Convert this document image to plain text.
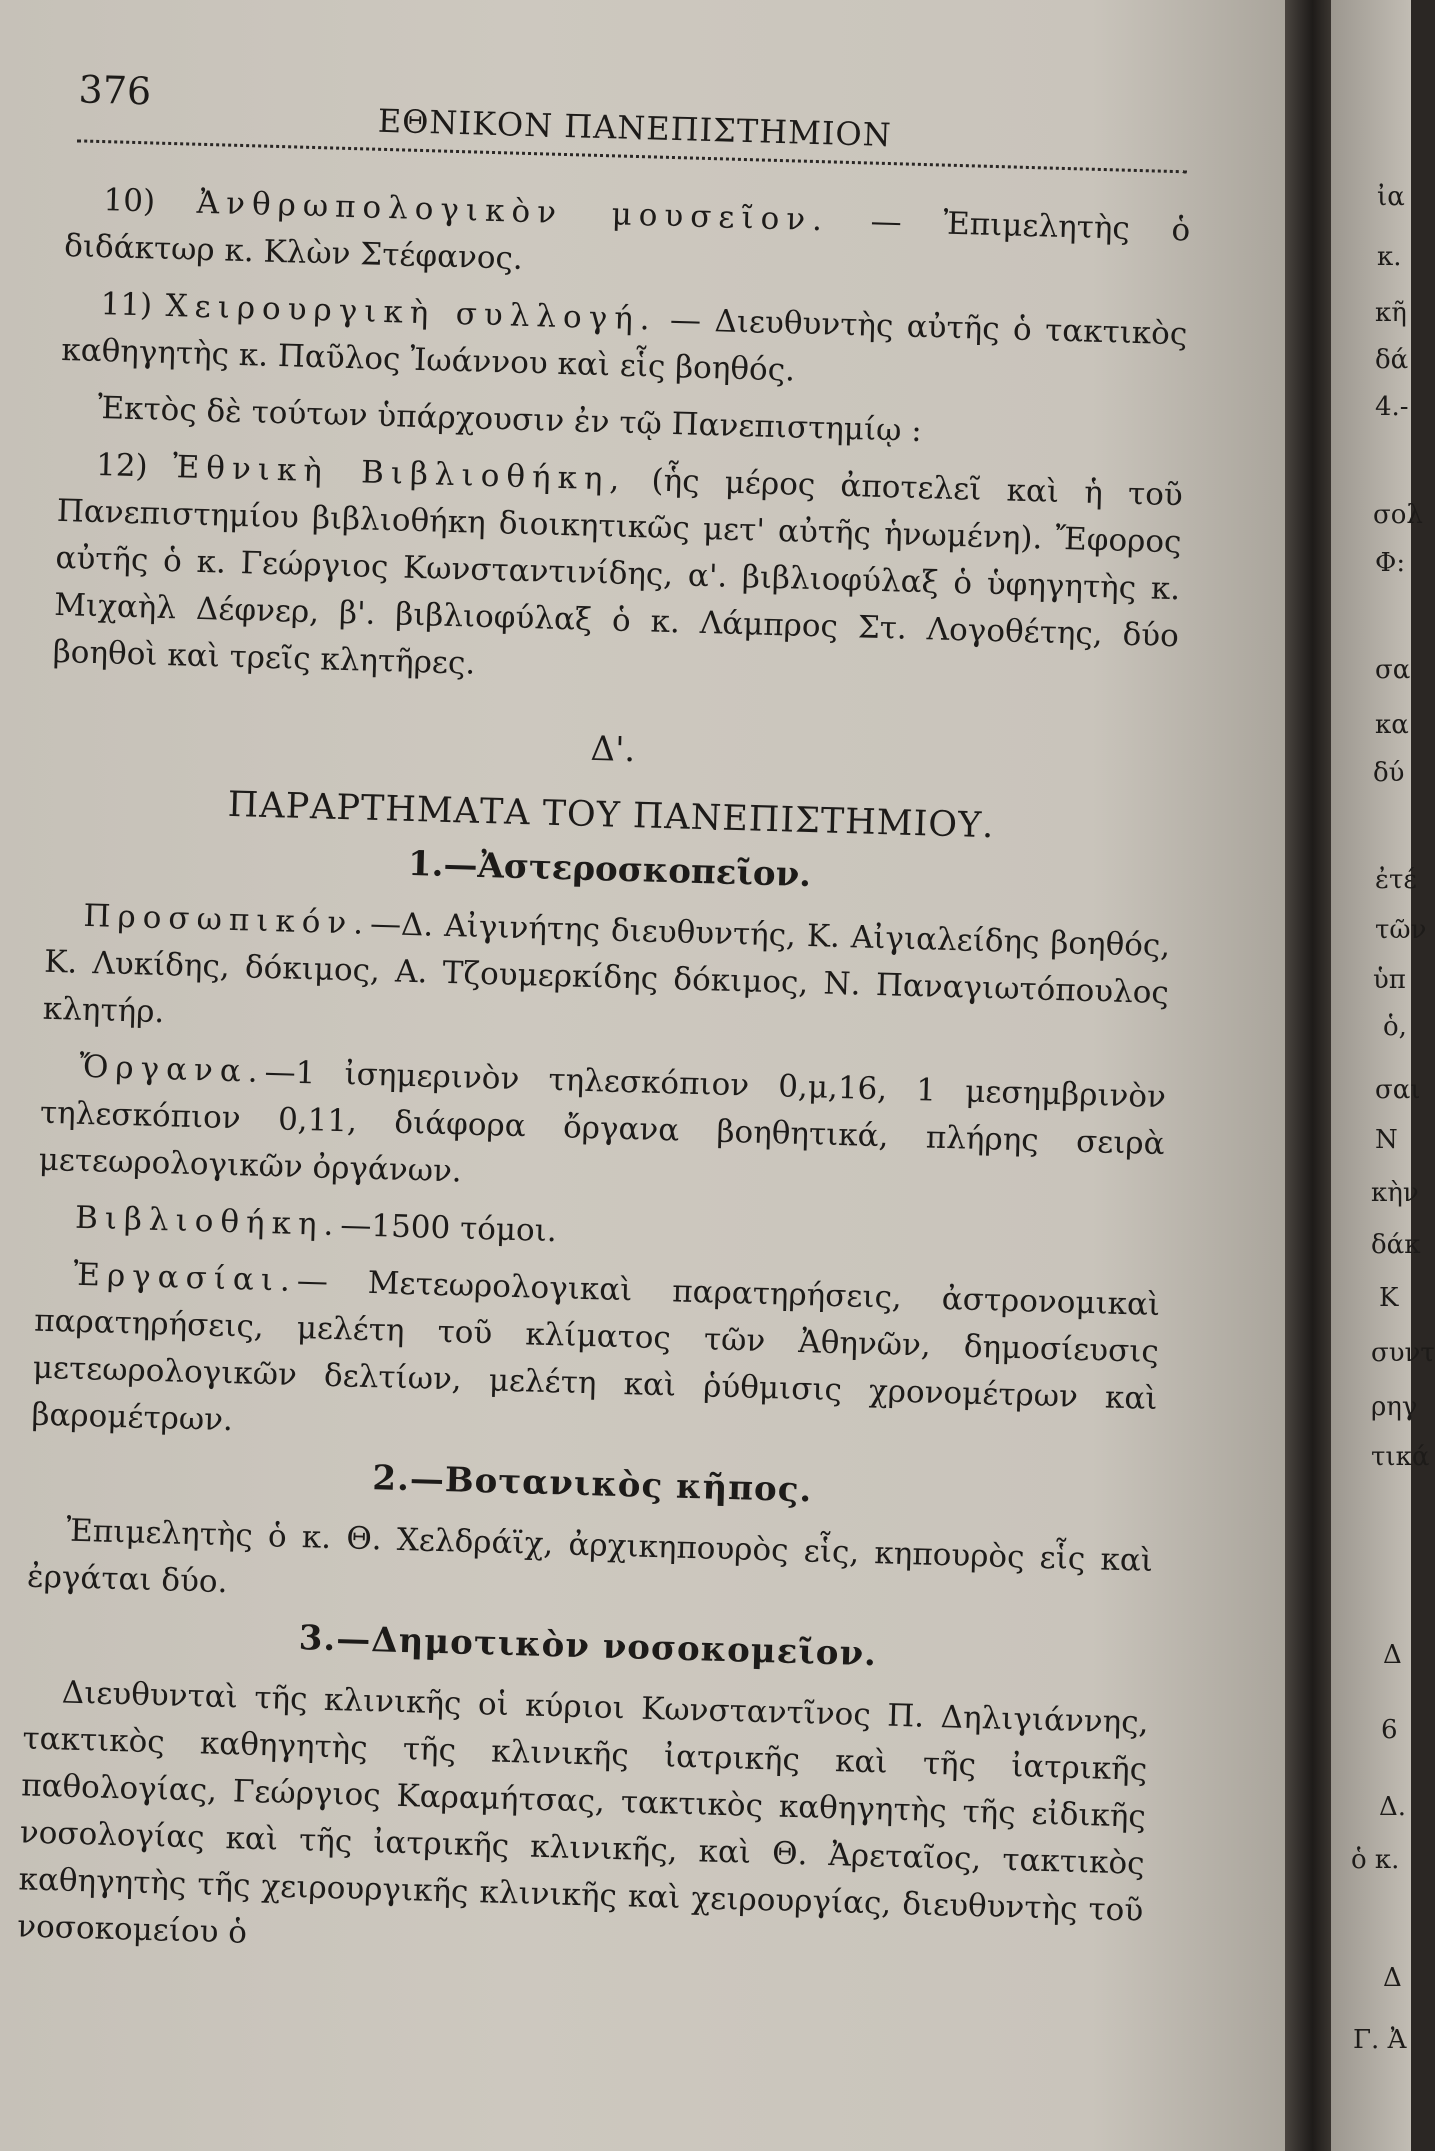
376
ΕΘΝΙΚΟΝ ΠΑΝΕΠΙΣΤΗΜΙΟΝ

10) Ἀνθρωπολογικὸν μουσεῖον. — Ἐπιμελητὴς ὁ διδάκτωρ κ. Κλὼν Στέφανος.

11) Χειρουργικὴ συλλογή. — Διευθυντὴς αὐτῆς ὁ τακτικὸς καθηγητὴς κ. Παῦλος Ἰωάννου καὶ εἷς βοηθός.

Ἐκτὸς δὲ τούτων ὑπάρχουσιν ἐν τῷ Πανεπιστημίῳ :

12) Ἐθνικὴ Βιβλιοθήκη, (ἧς μέρος ἀποτελεῖ καὶ ἡ τοῦ Πανεπιστημίου βιβλιοθήκη διοικητικῶς μετ' αὐτῆς ἡνωμένη). Ἔφορος αὐτῆς ὁ κ. Γεώργιος Κωνσταντινίδης, α'. βιβλιοφύλαξ ὁ ὑφηγητὴς κ. Μιχαὴλ Δέφνερ, β'. βιβλιοφύλαξ ὁ κ. Λάμπρος Στ. Λογοθέτης, δύο βοηθοὶ καὶ τρεῖς κλητῆρες.

Δ'.
ΠΑΡΑΡΤΗΜΑΤΑ ΤΟΥ ΠΑΝΕΠΙΣΤΗΜΙΟΥ.
1.—Ἀστεροσκοπεῖον.

Προσωπικόν.—Δ. Αἰγινήτης διευθυντής, Κ. Αἰγιαλείδης βοηθός, Κ. Λυκίδης, δόκιμος, Α. Τζουμερκίδης δόκιμος, Ν. Παναγιωτόπουλος κλητήρ.

Ὄργανα.—1 ἰσημερινὸν τηλεσκόπιον 0,μ,16, 1 μεσημβρινὸν τηλεσκόπιον 0,11, διάφορα ὄργανα βοηθητικά, πλήρης σειρὰ μετεωρολογικῶν ὀργάνων.

Βιβλιοθήκη.—1500 τόμοι.

Ἐργασίαι.— Μετεωρολογικαὶ παρατηρήσεις, ἀστρονομικαὶ παρατηρήσεις, μελέτη τοῦ κλίματος τῶν Ἀθηνῶν, δημοσίευσις μετεωρολογικῶν δελτίων, μελέτη καὶ ῥύθμισις χρονομέτρων καὶ βαρομέτρων.

2.—Βοτανικὸς κῆπος.

Ἐπιμελητὴς ὁ κ. Θ. Χελδράϊχ, ἀρχικηπουρὸς εἷς, κηπουρὸς εἷς καὶ ἐργάται δύο.

3.—Δημοτικὸν νοσοκομεῖον.

Διευθυνταὶ τῆς κλινικῆς οἱ κύριοι Κωνσταντῖνος Π. Δηλιγιάννης, τακτικὸς καθηγητὴς τῆς κλινικῆς ἰατρικῆς καὶ τῆς ἰατρικῆς παθολογίας, Γεώργιος Καραμήτσας, τακτικὸς καθηγητὴς τῆς εἰδικῆς νοσολογίας καὶ τῆς ἰατρικῆς κλινικῆς, καὶ Θ. Ἀρεταῖος, τακτικὸς καθηγητὴς τῆς χειρουργικῆς κλινικῆς καὶ χειρουργίας, διευθυντὴς τοῦ νοσοκομείου ὁ

ἰα
κ.
κῆ
δά
4.-
σολ
Φ:
σα
κα
δύ
ἐτέ
τῶν
ὑπ
ὁ,
σαι
Ν
κὴν
δάκ
Κ
συντ
ρηγ
τικά
Δ
6
Δ.
ὁ κ.
Δ
Γ. Ἀ
